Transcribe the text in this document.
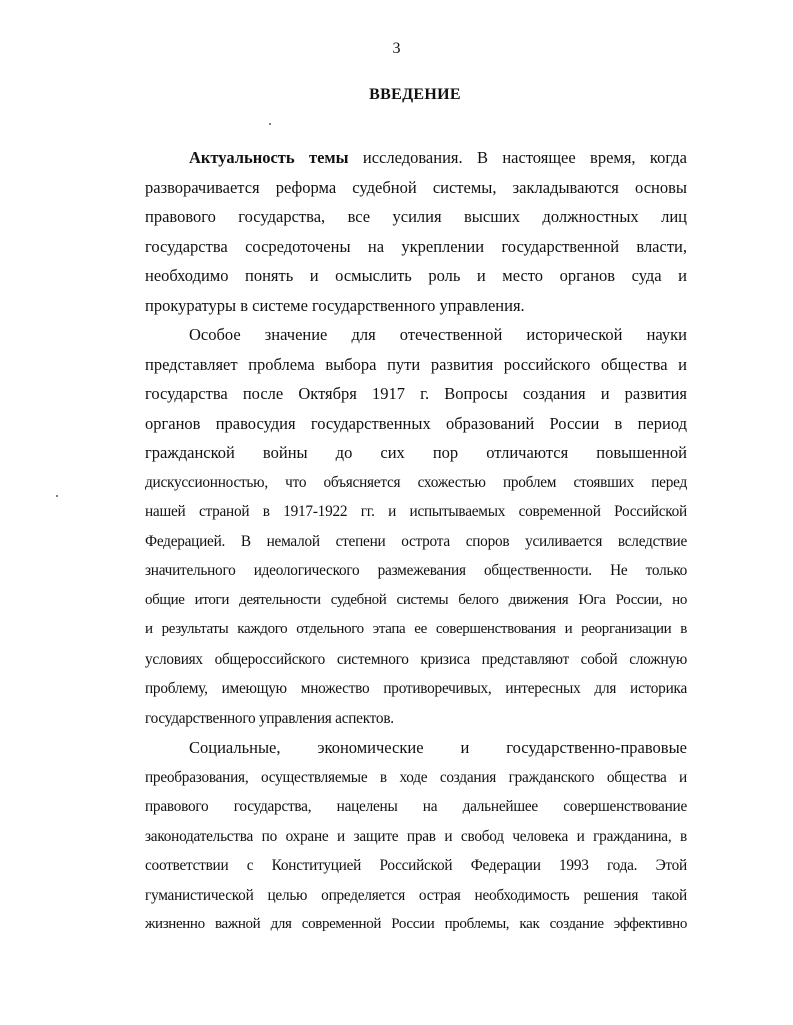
3
ВВЕДЕНИЕ
Актуальность темы исследования. В настоящее время, когда
разворачивается реформа судебной системы, закладываются основы
правового государства, все усилия высших должностных лиц
государства сосредоточены на укреплении государственной власти,
необходимо понять и осмыслить роль и место органов суда и
прокуратуры в системе государственного управления.
Особое значение для отечественной исторической науки
представляет проблема выбора пути развития российского общества и
государства после Октября 1917 г. Вопросы создания и развития
органов правосудия государственных образований России в период
гражданской войны до сих пор отличаются повышенной
дискуссионностью, что объясняется схожестью проблем стоявших перед
нашей страной в 1917-1922 гг. и испытываемых современной Российской
Федерацией. В немалой степени острота споров усиливается вследствие
значительного идеологического размежевания общественности. Не только
общие итоги деятельности судебной системы белого движения Юга России, но
и результаты каждого отдельного этапа ее совершенствования и реорганизации в
условиях общероссийского системного кризиса представляют собой сложную
проблему, имеющую множество противоречивых, интересных для историка
государственного управления аспектов.
Социальные, экономические и государственно-правовые
преобразования, осуществляемые в ходе создания гражданского общества и
правового государства, нацелены на дальнейшее совершенствование
законодательства по охране и защите прав и свобод человека и гражданина, в
соответствии с Конституцией Российской Федерации 1993 года. Этой
гуманистической целью определяется острая необходимость решения такой
жизненно важной для современной России проблемы, как создание эффективно
